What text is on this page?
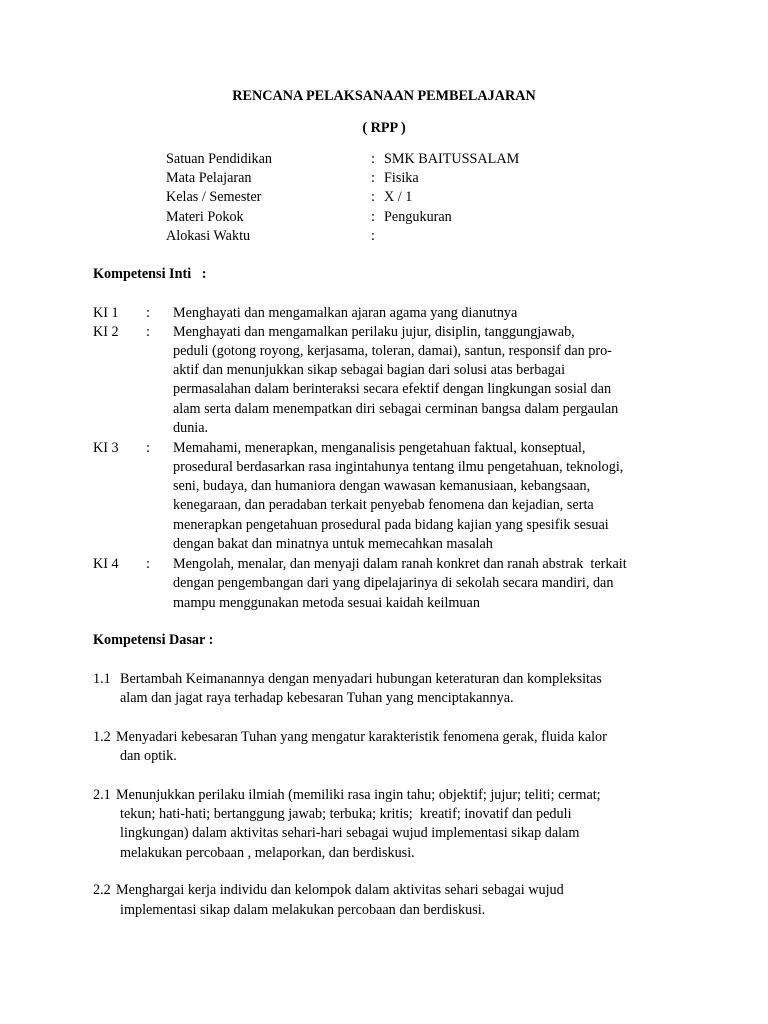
RENCANA PELAKSANAAN PEMBELAJARAN
( RPP )
Satuan Pendidikan	: SMK BAITUSSALAM
Mata Pelajaran	: Fisika
Kelas / Semester	: X / 1
Materi Pokok	: Pengukuran
Alokasi Waktu	:
Kompetensi Inti   :
KI 1 : Menghayati dan mengamalkan ajaran agama yang dianutnya
KI 2 : Menghayati dan mengamalkan perilaku jujur, disiplin, tanggungjawab,
peduli (gotong royong, kerjasama, toleran, damai), santun, responsif dan pro-
aktif dan menunjukkan sikap sebagai bagian dari solusi atas berbagai
permasalahan dalam berinteraksi secara efektif dengan lingkungan sosial dan
alam serta dalam menempatkan diri sebagai cerminan bangsa dalam pergaulan
dunia.
KI 3 : Memahami, menerapkan, menganalisis pengetahuan faktual, konseptual,
prosedural berdasarkan rasa ingintahunya tentang ilmu pengetahuan, teknologi,
seni, budaya, dan humaniora dengan wawasan kemanusiaan, kebangsaan,
kenegaraan, dan peradaban terkait penyebab fenomena dan kejadian, serta
menerapkan pengetahuan prosedural pada bidang kajian yang spesifik sesuai
dengan bakat dan minatnya untuk memecahkan masalah
KI 4 : Mengolah, menalar, dan menyaji dalam ranah konkret dan ranah abstrak  terkait
dengan pengembangan dari yang dipelajarinya di sekolah secara mandiri, dan
mampu menggunakan metoda sesuai kaidah keilmuan
Kompetensi Dasar :
1.1 Bertambah Keimanannya dengan menyadari hubungan keteraturan dan kompleksitas
alam dan jagat raya terhadap kebesaran Tuhan yang menciptakannya.
1.2 Menyadari kebesaran Tuhan yang mengatur karakteristik fenomena gerak, fluida kalor
dan optik.
2.1 Menunjukkan perilaku ilmiah (memiliki rasa ingin tahu; objektif; jujur; teliti; cermat;
tekun; hati-hati; bertanggung jawab; terbuka; kritis;  kreatif; inovatif dan peduli
lingkungan) dalam aktivitas sehari-hari sebagai wujud implementasi sikap dalam
melakukan percobaan , melaporkan, dan berdiskusi.
2.2 Menghargai kerja individu dan kelompok dalam aktivitas sehari sebagai wujud
implementasi sikap dalam melakukan percobaan dan berdiskusi.
